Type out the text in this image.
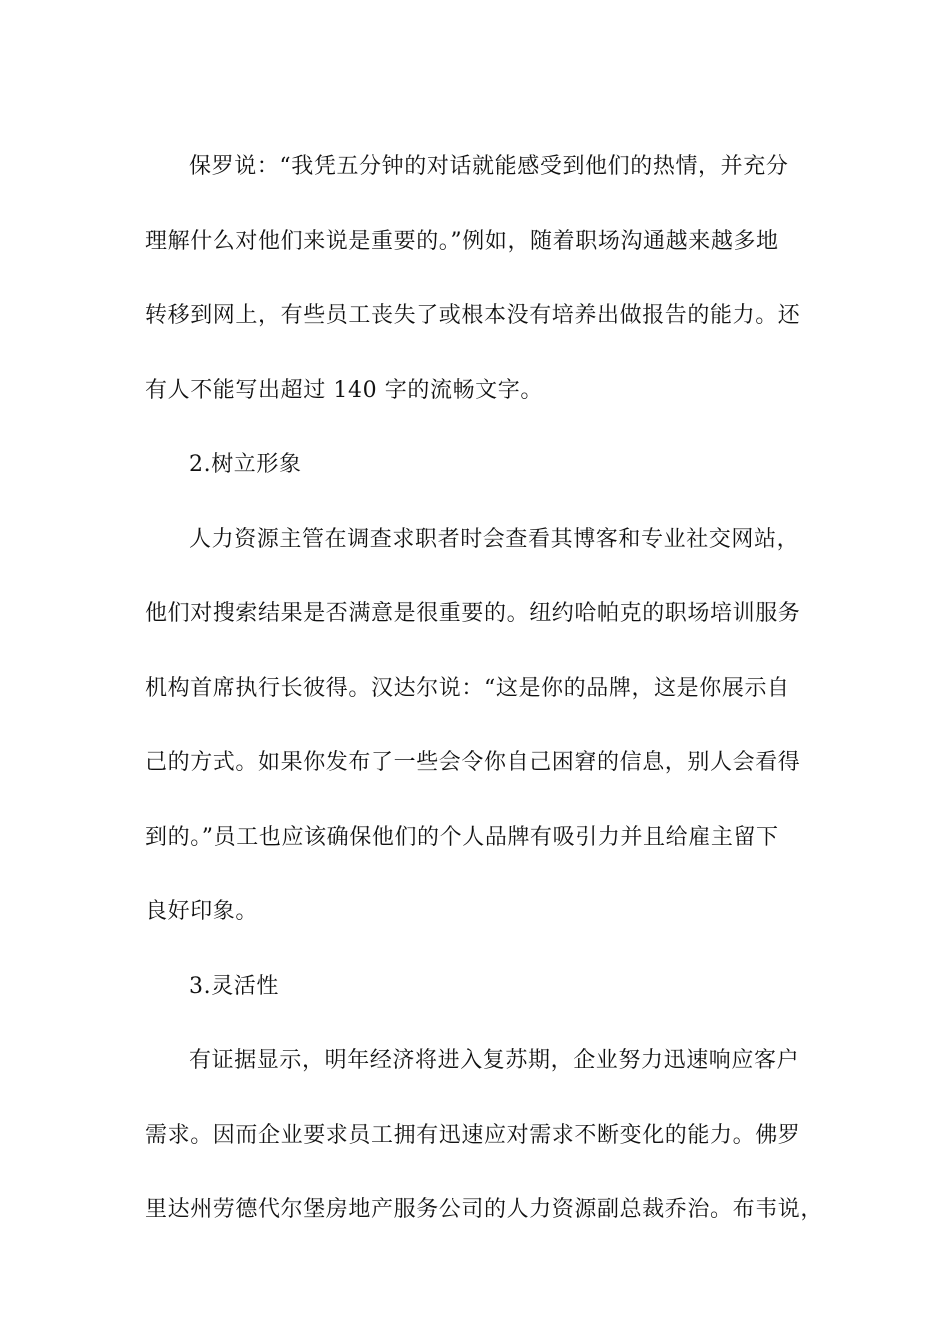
保罗说：“我凭五分钟的对话就能感受到他们的热情，并充分
理解什么对他们来说是重要的。”例如，随着职场沟通越来越多地
转移到网上，有些员工丧失了或根本没有培养出做报告的能力。还
有人不能写出超过 140 字的流畅文字。
2.树立形象
人力资源主管在调查求职者时会查看其博客和专业社交网站，
他们对搜索结果是否满意是很重要的。纽约哈帕克的职场培训服务
机构首席执行长彼得。汉达尔说：“这是你的品牌，这是你展示自
己的方式。如果你发布了一些会令你自己困窘的信息，别人会看得
到的。”员工也应该确保他们的个人品牌有吸引力并且给雇主留下
良好印象。
3.灵活性
有证据显示，明年经济将进入复苏期，企业努力迅速响应客户
需求。因而企业要求员工拥有迅速应对需求不断变化的能力。佛罗
里达州劳德代尔堡房地产服务公司的人力资源副总裁乔治。布韦说，
